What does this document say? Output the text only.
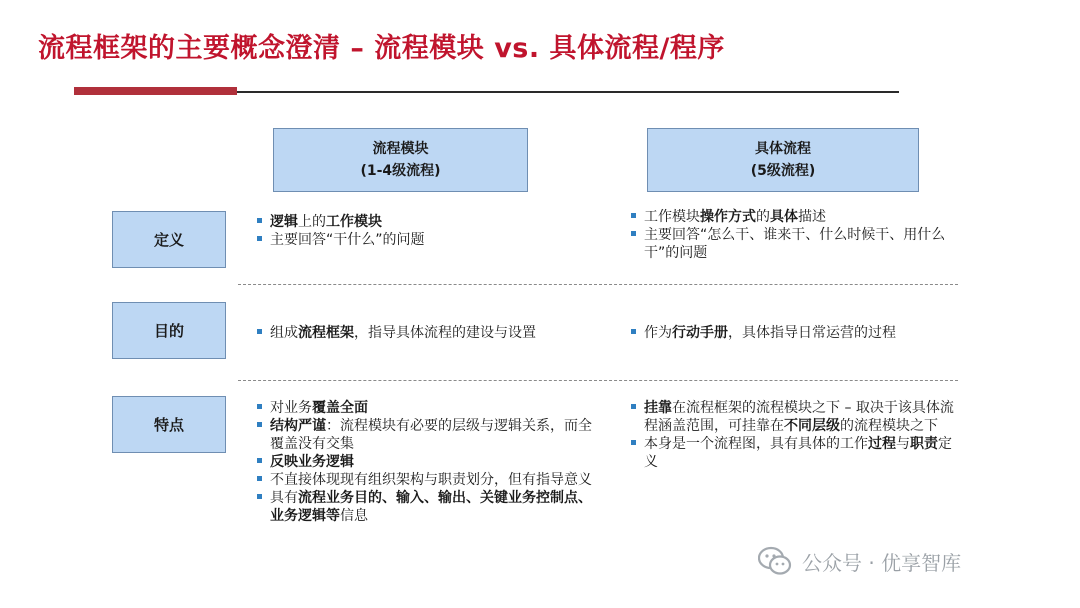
流程框架的主要概念澄清 – 流程模块 vs. 具体流程/程序
流程模块
(1-4级流程)
具体流程
(5级流程)
定义
目的
特点
逻辑上的工作模块
主要回答“干什么”的问题
工作模块操作方式的具体描述
主要回答“怎么干、谁来干、什么时候干、用什么干”的问题
组成流程框架，指导具体流程的建设与设置	作为行动手册，具体指导日常运营的过程
对业务覆盖全面
结构严谨：流程模块有必要的层级与逻辑关系，而全覆盖没有交集
反映业务逻辑
不直接体现现有组织架构与职责划分，但有指导意义
具有流程业务目的、输入、输出、关键业务控制点、业务逻辑等信息
挂靠在流程框架的流程模块之下 – 取决于该具体流程涵盖范围，可挂靠在不同层级的流程模块之下
本身是一个流程图，具有具体的工作过程与职责定义
公众号 · 优享智库
